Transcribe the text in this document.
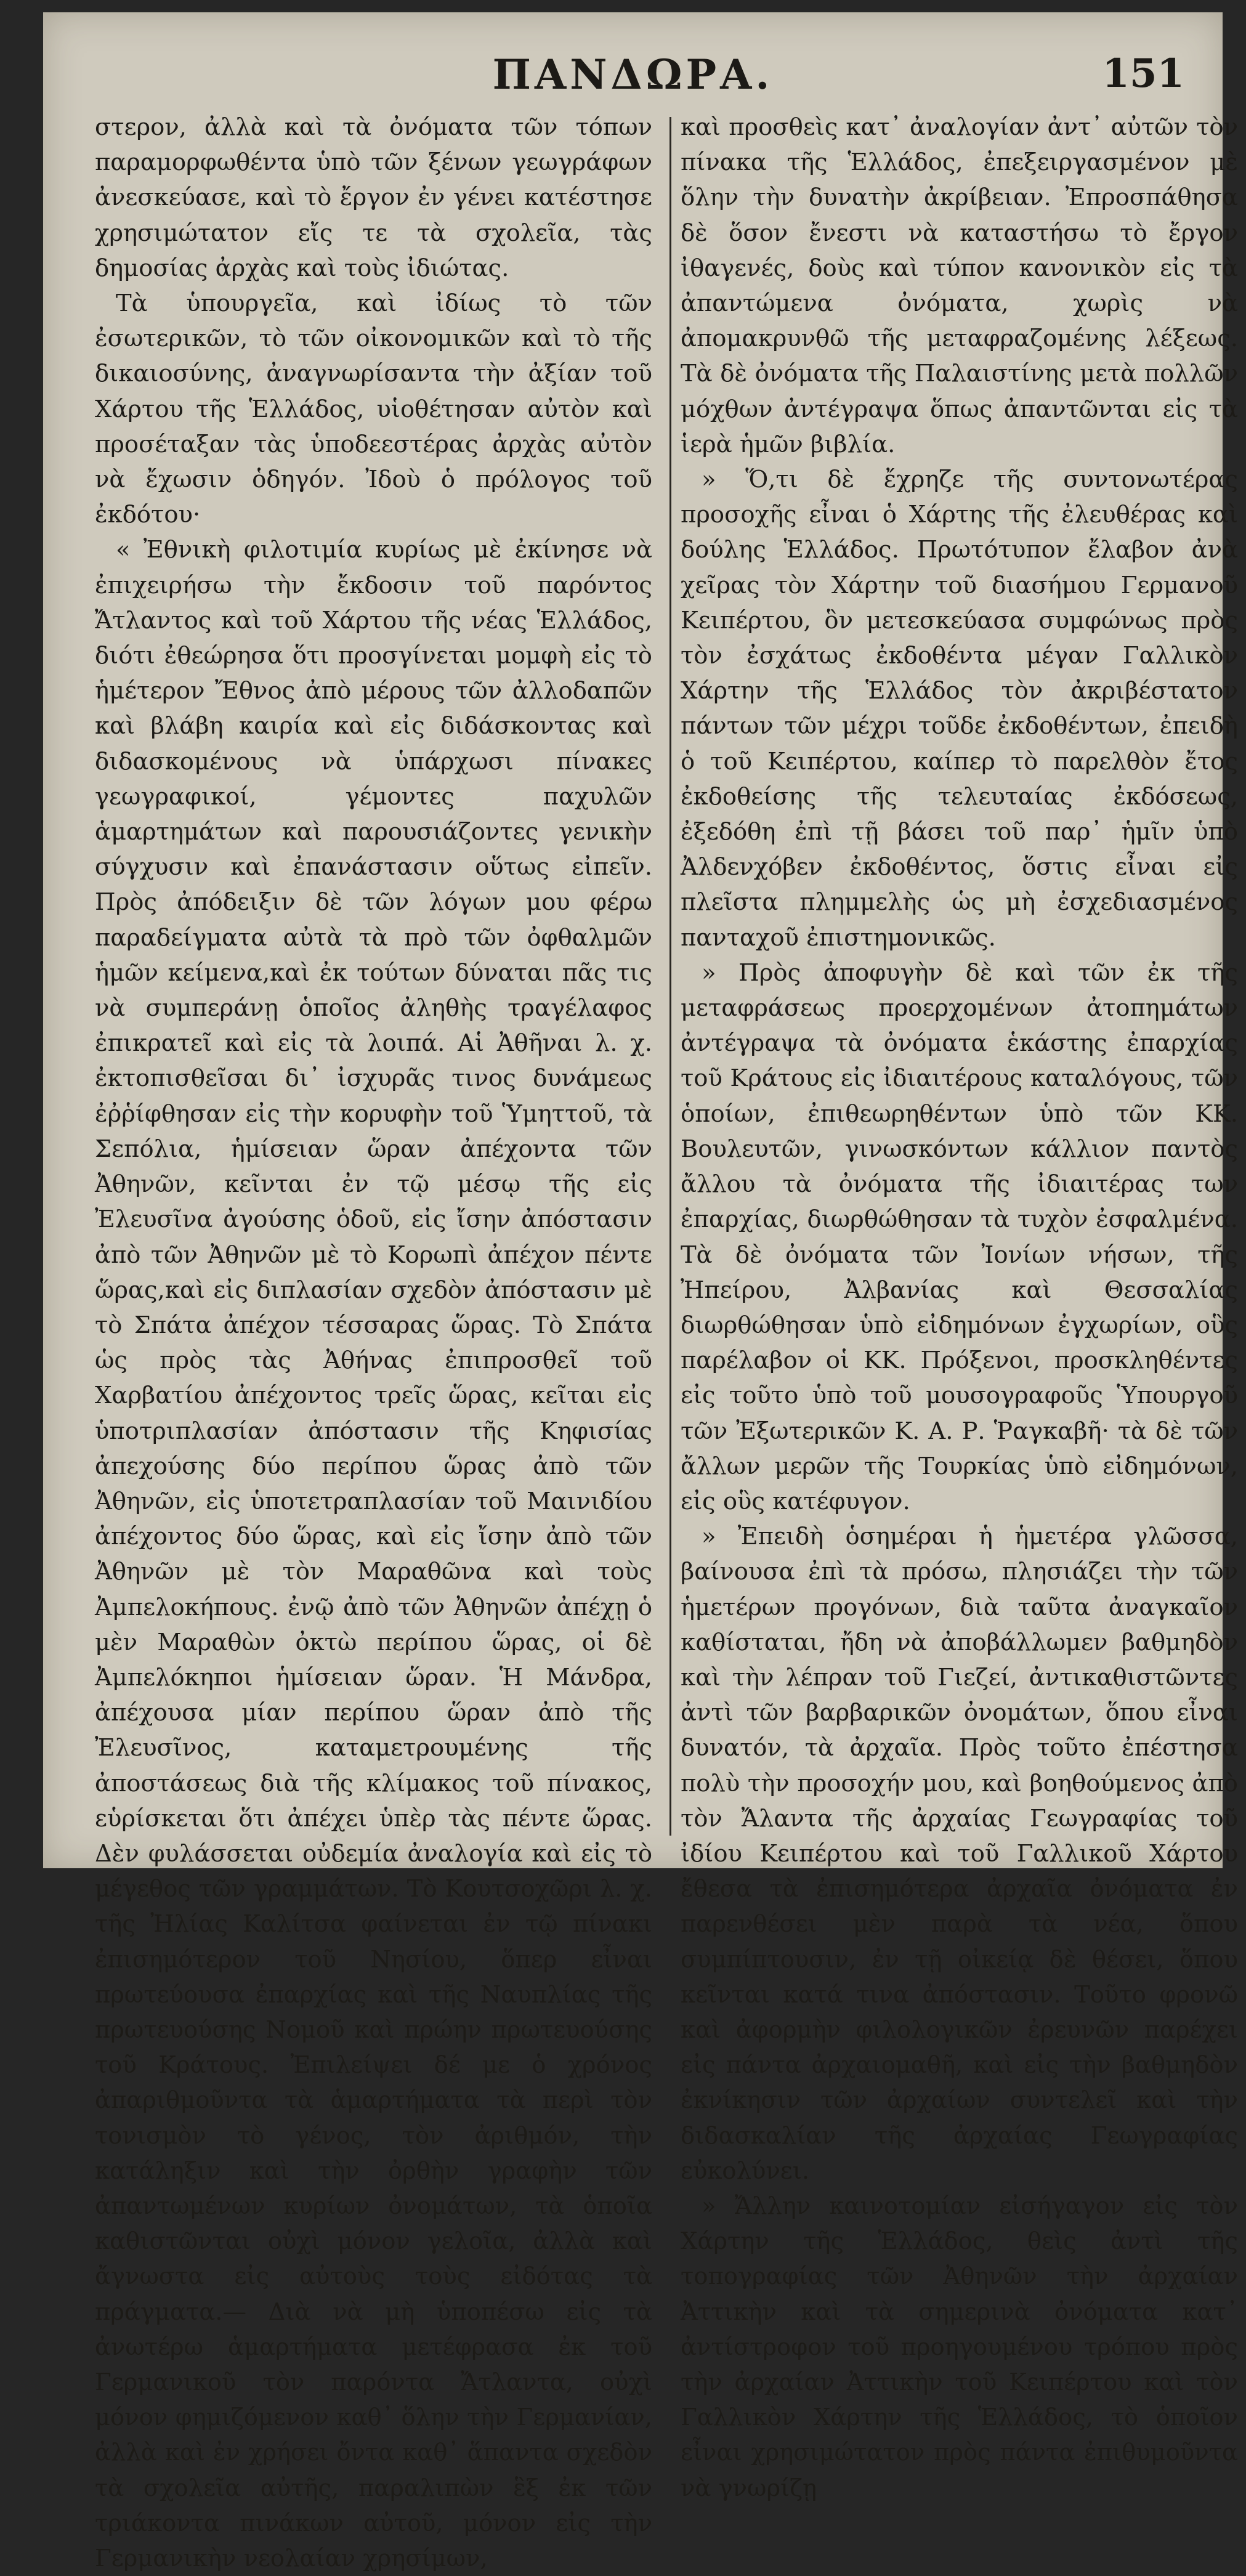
ΠΑΝΔΩΡΑ.	151

στερον, ἀλλὰ καὶ τὰ ὀνόματα τῶν τόπων παραμορφωθέντα ὑπὸ τῶν ξένων γεωγράφων ἀνεσκεύασε, καὶ τὸ ἔργον ἐν γένει κατέστησε χρησιμώτατον εἴς τε τὰ σχολεῖα, τὰς δημοσίας ἀρχὰς καὶ τοὺς ἰδιώτας.

Τὰ ὑπουργεῖα, καὶ ἰδίως τὸ τῶν ἐσωτερικῶν, τὸ τῶν οἰκονομικῶν καὶ τὸ τῆς δικαιοσύνης, ἀναγνωρίσαντα τὴν ἀξίαν τοῦ Χάρτου τῆς Ἑλλάδος, υἱοθέτησαν αὐτὸν καὶ προσέταξαν τὰς ὑποδεεστέρας ἀρχὰς αὐτὸν νὰ ἔχωσιν ὁδηγόν. Ἰδοὺ ὁ πρόλογος τοῦ ἐκδότου·

« Ἐθνικὴ φιλοτιμία κυρίως μὲ ἐκίνησε νὰ ἐπιχειρήσω τὴν ἔκδοσιν τοῦ παρόντος Ἄτλαντος καὶ τοῦ Χάρτου τῆς νέας Ἑλλάδος, διότι ἐθεώρησα ὅτι προσγίνεται μομφὴ εἰς τὸ ἡμέτερον Ἔθνος ἀπὸ μέρους τῶν ἀλλοδαπῶν καὶ βλάβη καιρία καὶ εἰς διδάσκοντας καὶ διδασκομένους νὰ ὑπάρχωσι πίνακες γεωγραφικοί, γέμοντες παχυλῶν ἁμαρτημάτων καὶ παρουσιάζοντες γενικὴν σύγχυσιν καὶ ἐπανάστασιν οὕτως εἰπεῖν. Πρὸς ἀπόδειξιν δὲ τῶν λόγων μου φέρω παραδείγματα αὐτὰ τὰ πρὸ τῶν ὀφθαλμῶν ἡμῶν κείμενα,καὶ ἐκ τούτων δύναται πᾶς τις νὰ συμπεράνῃ ὁποῖος ἀληθὴς τραγέλαφος ἐπικρατεῖ καὶ εἰς τὰ λοιπά. Αἱ Ἀθῆναι λ. χ. ἐκτοπισθεῖσαι δι᾽ ἰσχυρᾶς τινος δυνάμεως ἐῤῥίφθησαν εἰς τὴν κορυφὴν τοῦ Ὑμηττοῦ, τὰ Σεπόλια, ἡμίσειαν ὥραν ἀπέχοντα τῶν Ἀθηνῶν, κεῖνται ἐν τῷ μέσῳ τῆς εἰς Ἐλευσῖνα ἀγούσης ὁδοῦ, εἰς ἴσην ἀπόστασιν ἀπὸ τῶν Ἀθηνῶν μὲ τὸ Κορωπὶ ἀπέχον πέντε ὥρας,καὶ εἰς διπλασίαν σχεδὸν ἀπόστασιν μὲ τὸ Σπάτα ἀπέχον τέσσαρας ὥρας. Τὸ Σπάτα ὡς πρὸς τὰς Ἀθήνας ἐπιπροσθεῖ τοῦ Χαρβατίου ἀπέχοντος τρεῖς ὥρας, κεῖται εἰς ὑποτριπλασίαν ἀπόστασιν τῆς Κηφισίας ἀπεχούσης δύο περίπου ὥρας ἀπὸ τῶν Ἀθηνῶν, εἰς ὑποτετραπλασίαν τοῦ Μαινιδίου ἀπέχοντος δύο ὥρας, καὶ εἰς ἴσην ἀπὸ τῶν Ἀθηνῶν μὲ τὸν Μαραθῶνα καὶ τοὺς Ἀμπελοκήπους. ἐνῷ ἀπὸ τῶν Ἀθηνῶν ἀπέχῃ ὁ μὲν Μαραθὼν ὀκτὼ περίπου ὥρας, οἱ δὲ Ἀμπελόκηποι ἡμίσειαν ὥραν. Ἡ Μάνδρα, ἀπέχουσα μίαν περίπου ὥραν ἀπὸ τῆς Ἐλευσῖνος, καταμετρουμένης τῆς ἀποστάσεως διὰ τῆς κλίμακος τοῦ πίνακος, εὑρίσκεται ὅτι ἀπέχει ὑπὲρ τὰς πέντε ὥρας. Δὲν φυλάσσεται οὐδεμία ἀναλογία καὶ εἰς τὸ μέγεθος τῶν γραμμάτων. Τὸ Κουτσοχῶρι λ. χ. τῆς Ἠλίας Καλίτσα φαίνεται ἐν τῷ πίνακι ἐπισημότερον τοῦ Νησίου, ὅπερ εἶναι πρωτεύουσα ἐπαρχίας καὶ τῆς Ναυπλίας τῆς πρωτευούσης Νομοῦ καὶ πρώην πρωτευούσης τοῦ Κράτους. Ἐπιλείψει δέ με ὁ χρόνος ἀπαριθμοῦντα τὰ ἁμαρτήματα τὰ περὶ τὸν τονισμὸν τὸ γένος, τὸν ἀριθμόν, τὴν κατάληξιν καὶ τὴν ὀρθὴν γραφὴν τῶν ἀπαντωμένων κυρίων ὀνομάτων, τὰ ὁποῖα καθιστῶνται οὐχὶ μόνον γελοῖα, ἀλλὰ καὶ ἄγνωστα εἰς αὐτοὺς τοὺς εἰδότας τὰ πράγματα.— Διὰ νὰ μὴ ὑποπέσω εἰς τὰ ἀνωτέρω ἁμαρτήματα μετέφρασα ἐκ τοῦ Γερμανικοῦ τὸν παρόντα Ἄτλαντα, οὐχὶ μόνον φημιζόμενον καθ᾽ ὅλην τὴν Γερμανίαν, ἀλλὰ καὶ ἐν χρήσει ὄντα καθ᾽ ἅπαντα σχεδὸν τὰ σχολεῖα αὐτῆς, παραλιπὼν ἓξ ἐκ τῶν τριάκοντα πινάκων αὐτοῦ, μόνον εἰς τὴν Γερμανικὴν νεολαίαν χρησίμων,

καὶ προσθεὶς κατ᾽ ἀναλογίαν ἀντ᾽ αὐτῶν τὸν πίνακα τῆς Ἑλλάδος, ἐπεξειργασμένον μὲ ὅλην τὴν δυνατὴν ἀκρίβειαν. Ἐπροσπάθησα δὲ ὅσον ἔνεστι νὰ καταστήσω τὸ ἔργον ἰθαγενές, δοὺς καὶ τύπον κανονικὸν εἰς τὰ ἀπαντώμενα ὀνόματα, χωρὶς νὰ ἀπομακρυνθῶ τῆς μεταφραζομένης λέξεως. Τὰ δὲ ὀνόματα τῆς Παλαιστίνης μετὰ πολλῶν μόχθων ἀντέγραψα ὅπως ἀπαντῶνται εἰς τὰ ἱερὰ ἡμῶν βιβλία.

» Ὅ,τι δὲ ἔχρηζε τῆς συντονωτέρας προσοχῆς εἶναι ὁ Χάρτης τῆς ἐλευθέρας καὶ δούλης Ἑλλάδος. Πρωτότυπον ἔλαβον ἀνὰ χεῖρας τὸν Χάρτην τοῦ διασήμου Γερμανοῦ Κειπέρτου, ὃν μετεσκεύασα συμφώνως πρὸς τὸν ἐσχάτως ἐκδοθέντα μέγαν Γαλλικὸν Χάρτην τῆς Ἑλλάδος τὸν ἀκριβέστατον πάντων τῶν μέχρι τοῦδε ἐκδοθέντων, ἐπειδὴ ὁ τοῦ Κειπέρτου, καίπερ τὸ παρελθὸν ἔτος ἐκδοθείσης τῆς τελευταίας ἐκδόσεως, ἐξεδόθη ἐπὶ τῇ βάσει τοῦ παρ᾽ ἡμῖν ὑπὸ Ἀλδενχόβεν ἐκδοθέντος, ὅστις εἶναι εἰς πλεῖστα πλημμελὴς ὡς μὴ ἐσχεδιασμένος πανταχοῦ ἐπιστημονικῶς.

» Πρὸς ἀποφυγὴν δὲ καὶ τῶν ἐκ τῆς μεταφράσεως προερχομένων ἀτοπημάτων ἀντέγραψα τὰ ὀνόματα ἑκάστης ἐπαρχίας τοῦ Κράτους εἰς ἰδιαιτέρους καταλόγους, τῶν ὁποίων, ἐπιθεωρηθέντων ὑπὸ τῶν ΚΚ. Βουλευτῶν, γινωσκόντων κάλλιον παντὸς ἄλλου τὰ ὀνόματα τῆς ἰδιαιτέρας των ἐπαρχίας, διωρθώθησαν τὰ τυχὸν ἐσφαλμένα. Τὰ δὲ ὀνόματα τῶν Ἰονίων νήσων, τῆς Ἠπείρου, Ἀλβανίας καὶ Θεσσαλίας διωρθώθησαν ὑπὸ εἰδημόνων ἐγχωρίων, οὓς παρέλαβον οἱ ΚΚ. Πρόξενοι, προσκληθέντες εἰς τοῦτο ὑπὸ τοῦ μουσογραφοῦς Ὑπουργοῦ τῶν Ἐξωτερικῶν Κ. Α. Ρ. Ῥαγκαβῆ· τὰ δὲ τῶν ἄλλων μερῶν τῆς Τουρκίας ὑπὸ εἰδημόνων, εἰς οὓς κατέφυγον.

» Ἐπειδὴ ὁσημέραι ἡ ἡμετέρα γλῶσσα, βαίνουσα ἐπὶ τὰ πρόσω, πλησιάζει τὴν τῶν ἡμετέρων προγόνων, διὰ ταῦτα ἀναγκαῖον καθίσταται, ἤδη νὰ ἀποβάλλωμεν βαθμηδὸν καὶ τὴν λέπραν τοῦ Γιεζεί, ἀντικαθιστῶντες ἀντὶ τῶν βαρβαρικῶν ὀνομάτων, ὅπου εἶναι δυνατόν, τὰ ἀρχαῖα. Πρὸς τοῦτο ἐπέστησα πολὺ τὴν προσοχήν μου, καὶ βοηθούμενος ἀπὸ τὸν Ἄλαντα τῆς ἀρχαίας Γεωγραφίας τοῦ ἰδίου Κειπέρτου καὶ τοῦ Γαλλικοῦ Χάρτου ἔθεσα τὰ ἐπισημότερα ἀρχαῖα ὀνόματα ἐν παρενθέσει μὲν παρὰ τὰ νέα, ὅπου συμπίπτουσιν, ἐν τῇ οἰκείᾳ δὲ θέσει, ὅπου κεῖνται κατά τινα ἀπόστασιν. Τοῦτο φρονῶ καὶ ἀφορμὴν φιλολογικῶν ἐρευνῶν παρέχει εἰς πάντα ἀρχαιομαθῆ, καὶ εἰς τὴν βαθμηδὸν ἐκνίκησιν τῶν ἀρχαίων συντελεῖ καὶ τὴν διδασκαλίαν τῆς ἀρχαίας Γεωγραφίας εὐκολύνει.

» Ἄλλην καινοτομίαν εἰσήγαγον εἰς τὸν Χάρτην τῆς Ἑλλάδος, θεὶς ἀντὶ τῆς τοπογραφίας τῶν Ἀθηνῶν τὴν ἀρχαίαν Ἀττικὴν καὶ τὰ σημερινὰ ὀνόματα κατ᾽ ἀντίστροφον τοῦ προηγουμένου τρόπου πρὸς τὴν ἀρχαίαν Ἀττικὴν τοῦ Κειπέρτου καὶ τὸν Γαλλικὸν Χάρτην τῆς Ἑλλάδος, τὸ ὁποῖον εἶναι χρησιμώτατον πρὸς πάντα ἐπιθυμοῦντα νὰ γνωρίζῃ
